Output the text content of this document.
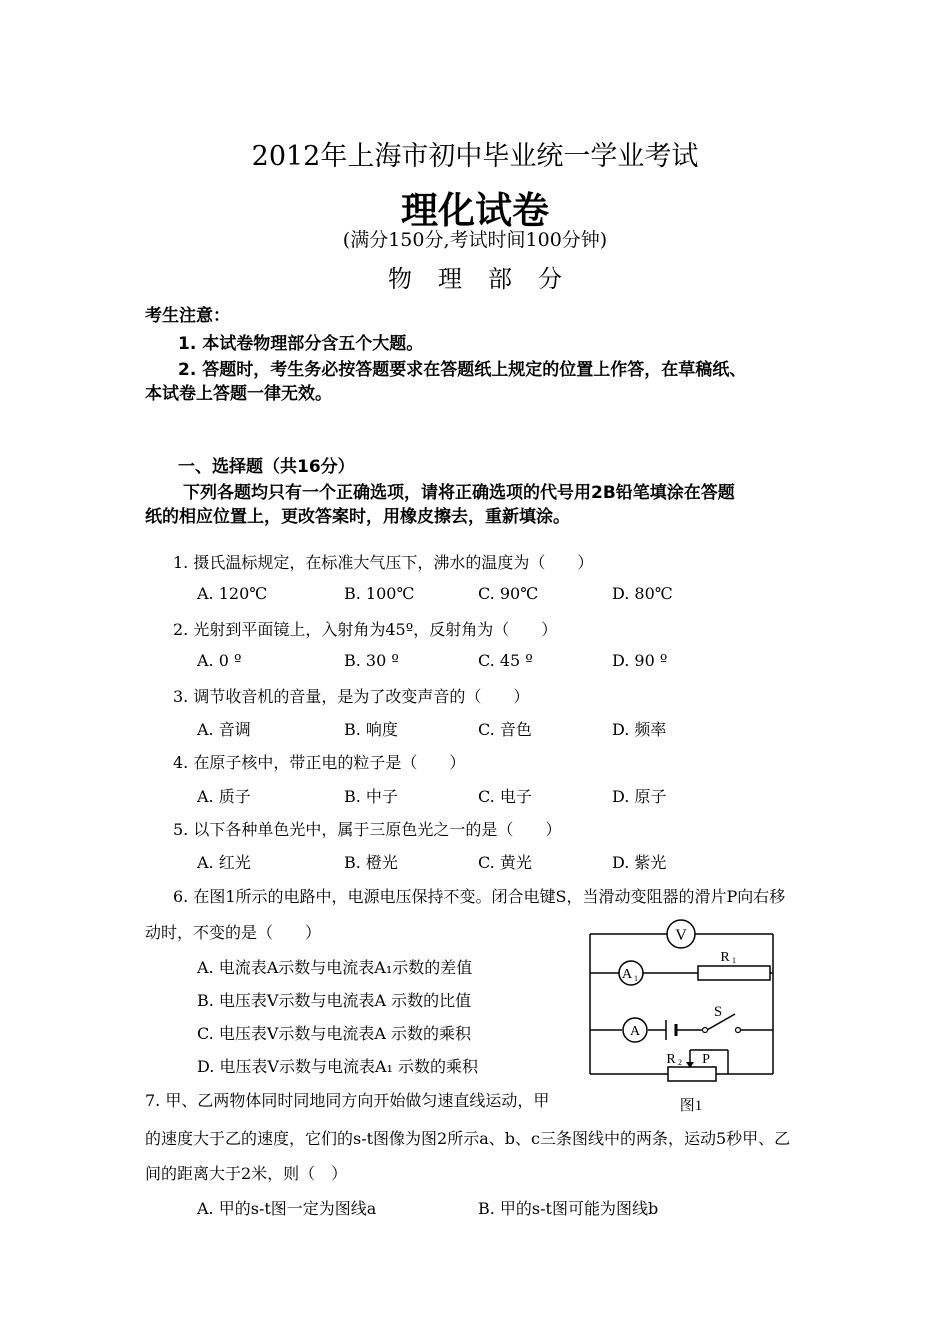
2012年上海市初中毕业统一学业考试
理化试卷
(满分150分,考试时间100分钟)
物理部分
考生注意：
1. 本试卷物理部分含五个大题。
2. 答题时，考生务必按答题要求在答题纸上规定的位置上作答，在草稿纸、
本试卷上答题一律无效。
一、选择题（共16分）
下列各题均只有一个正确选项，请将正确选项的代号用2B铅笔填涂在答题
纸的相应位置上，更改答案时，用橡皮擦去，重新填涂。
1. 摄氏温标规定，在标准大气压下，沸水的温度为（　　）
A. 120℃	B. 100℃	C. 90℃	D. 80℃
2. 光射到平面镜上，入射角为45º，反射角为（　　）
A. 0 º	B. 30 º	C. 45 º	D. 90 º
3. 调节收音机的音量，是为了改变声音的（　　）
A. 音调	B. 响度	C. 音色	D. 频率
4. 在原子核中，带正电的粒子是（　　）
A. 质子	B. 中子	C. 电子	D. 原子
5. 以下各种单色光中，属于三原色光之一的是（　　）
A. 红光	B. 橙光	C. 黄光	D. 紫光
6. 在图1所示的电路中，电源电压保持不变。闭合电键S，当滑动变阻器的滑片P向右移
动时，不变的是（　　）
A. 电流表A示数与电流表A₁示数的差值
B. 电压表V示数与电流表A 示数的比值
C. 电压表V示数与电流表A 示数的乘积
D. 电压表V示数与电流表A₁ 示数的乘积
V
A 1
R 1
A
S
R 2 P
图1
7. 甲、乙两物体同时同地同方向开始做匀速直线运动，甲
的速度大于乙的速度，它们的s-t图像为图2所示a、b、c三条图线中的两条，运动5秒甲、乙
间的距离大于2米，则（　）
A. 甲的s-t图一定为图线a	B. 甲的s-t图可能为图线b
